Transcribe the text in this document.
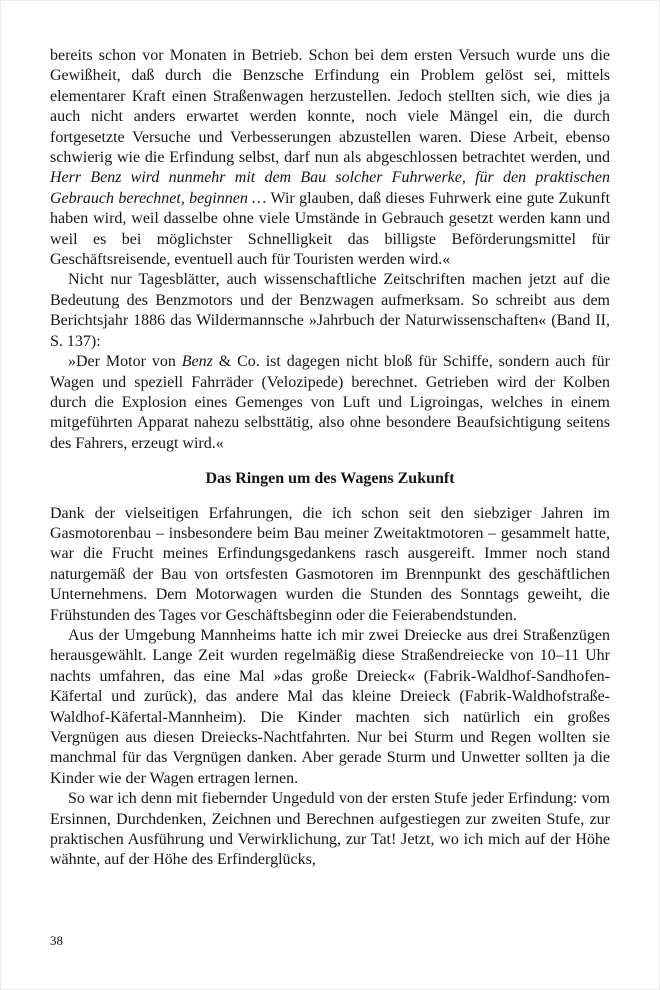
bereits schon vor Monaten in Betrieb. Schon bei dem ersten Versuch wurde uns die Gewißheit, daß durch die Benzsche Erfindung ein Problem gelöst sei, mittels elementarer Kraft einen Straßenwagen herzustellen. Jedoch stellten sich, wie dies ja auch nicht anders erwartet werden konnte, noch viele Mängel ein, die durch fortgesetzte Versuche und Verbesserungen abzustellen waren. Diese Arbeit, ebenso schwierig wie die Erfindung selbst, darf nun als abgeschlossen betrachtet werden, und Herr Benz wird nunmehr mit dem Bau solcher Fuhrwerke, für den praktischen Gebrauch berechnet, beginnen … Wir glauben, daß dieses Fuhrwerk eine gute Zukunft haben wird, weil dasselbe ohne viele Umstände in Gebrauch gesetzt werden kann und weil es bei möglichster Schnelligkeit das billigste Beförderungsmittel für Geschäftsreisende, eventuell auch für Touristen werden wird.«

Nicht nur Tagesblätter, auch wissenschaftliche Zeitschriften machen jetzt auf die Bedeutung des Benzmotors und der Benzwagen aufmerksam. So schreibt aus dem Berichtsjahr 1886 das Wildermannsche »Jahrbuch der Naturwissenschaften« (Band II, S. 137):

»Der Motor von Benz & Co. ist dagegen nicht bloß für Schiffe, sondern auch für Wagen und speziell Fahrräder (Velozipede) berechnet. Getrieben wird der Kolben durch die Explosion eines Gemenges von Luft und Ligroingas, welches in einem mitgeführten Apparat nahezu selbsttätig, also ohne besondere Beaufsichtigung seitens des Fahrers, erzeugt wird.«

Das Ringen um des Wagens Zukunft

Dank der vielseitigen Erfahrungen, die ich schon seit den siebziger Jahren im Gasmotorenbau – insbesondere beim Bau meiner Zweitaktmotoren – gesammelt hatte, war die Frucht meines Erfindungsgedankens rasch ausgereift. Immer noch stand naturgemäß der Bau von ortsfesten Gasmotoren im Brennpunkt des geschäftlichen Unternehmens. Dem Motorwagen wurden die Stunden des Sonntags geweiht, die Frühstunden des Tages vor Geschäftsbeginn oder die Feierabendstunden.

Aus der Umgebung Mannheims hatte ich mir zwei Dreiecke aus drei Straßenzügen herausgewählt. Lange Zeit wurden regelmäßig diese Straßendreiecke von 10–11 Uhr nachts umfahren, das eine Mal »das große Dreieck« (Fabrik-Waldhof-Sandhofen-Käfertal und zurück), das andere Mal das kleine Dreieck (Fabrik-Waldhofstraße-Waldhof-Käfertal-Mannheim). Die Kinder machten sich natürlich ein großes Vergnügen aus diesen Dreiecks-Nachtfahrten. Nur bei Sturm und Regen wollten sie manchmal für das Vergnügen danken. Aber gerade Sturm und Unwetter sollten ja die Kinder wie der Wagen ertragen lernen.

So war ich denn mit fiebernder Ungeduld von der ersten Stufe jeder Erfindung: vom Ersinnen, Durchdenken, Zeichnen und Berechnen aufgestiegen zur zweiten Stufe, zur praktischen Ausführung und Verwirklichung, zur Tat! Jetzt, wo ich mich auf der Höhe wähnte, auf der Höhe des Erfinderglücks,

38
